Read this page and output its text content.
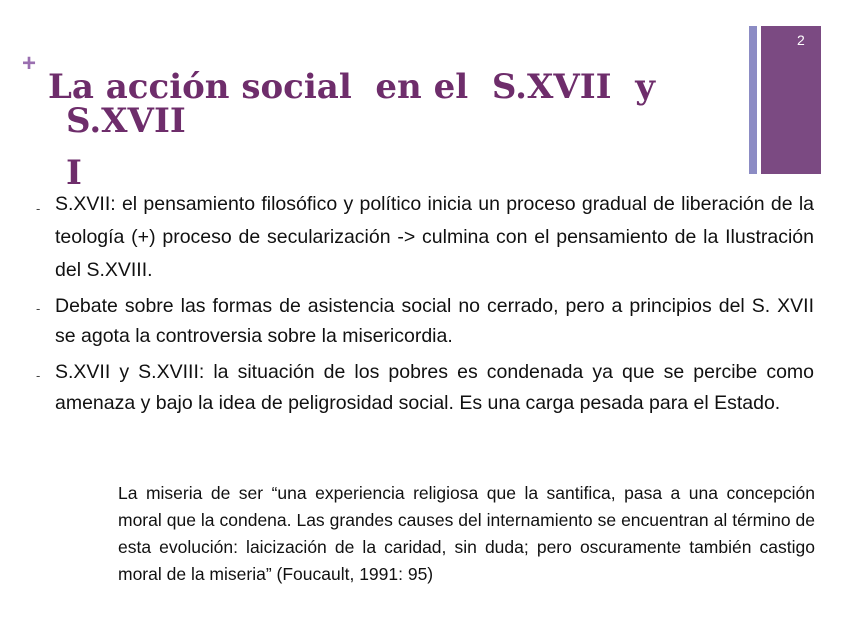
+
2

La acción social  en el  S.XVII  y

S.XVII

I

- S.XVII: el pensamiento filosófico y político inicia un proceso gradual de liberación de la teología (+) proceso de secularización -> culmina con el pensamiento de la Ilustración del S.XVIII.
- Debate sobre las formas de asistencia social no cerrado, pero a principios del S. XVII se agota la controversia sobre la misericordia.
- S.XVII y S.XVIII: la situación de los pobres es condenada ya que se percibe como amenaza y bajo la idea de peligrosidad social. Es una carga pesada para el Estado.

La miseria de ser “una experiencia religiosa que la santifica, pasa a una concepción moral que la condena. Las grandes causes del internamiento se encuentran al término de esta evolución: laicización de la caridad, sin duda; pero oscuramente también castigo moral de la miseria” (Foucault, 1991: 95)
